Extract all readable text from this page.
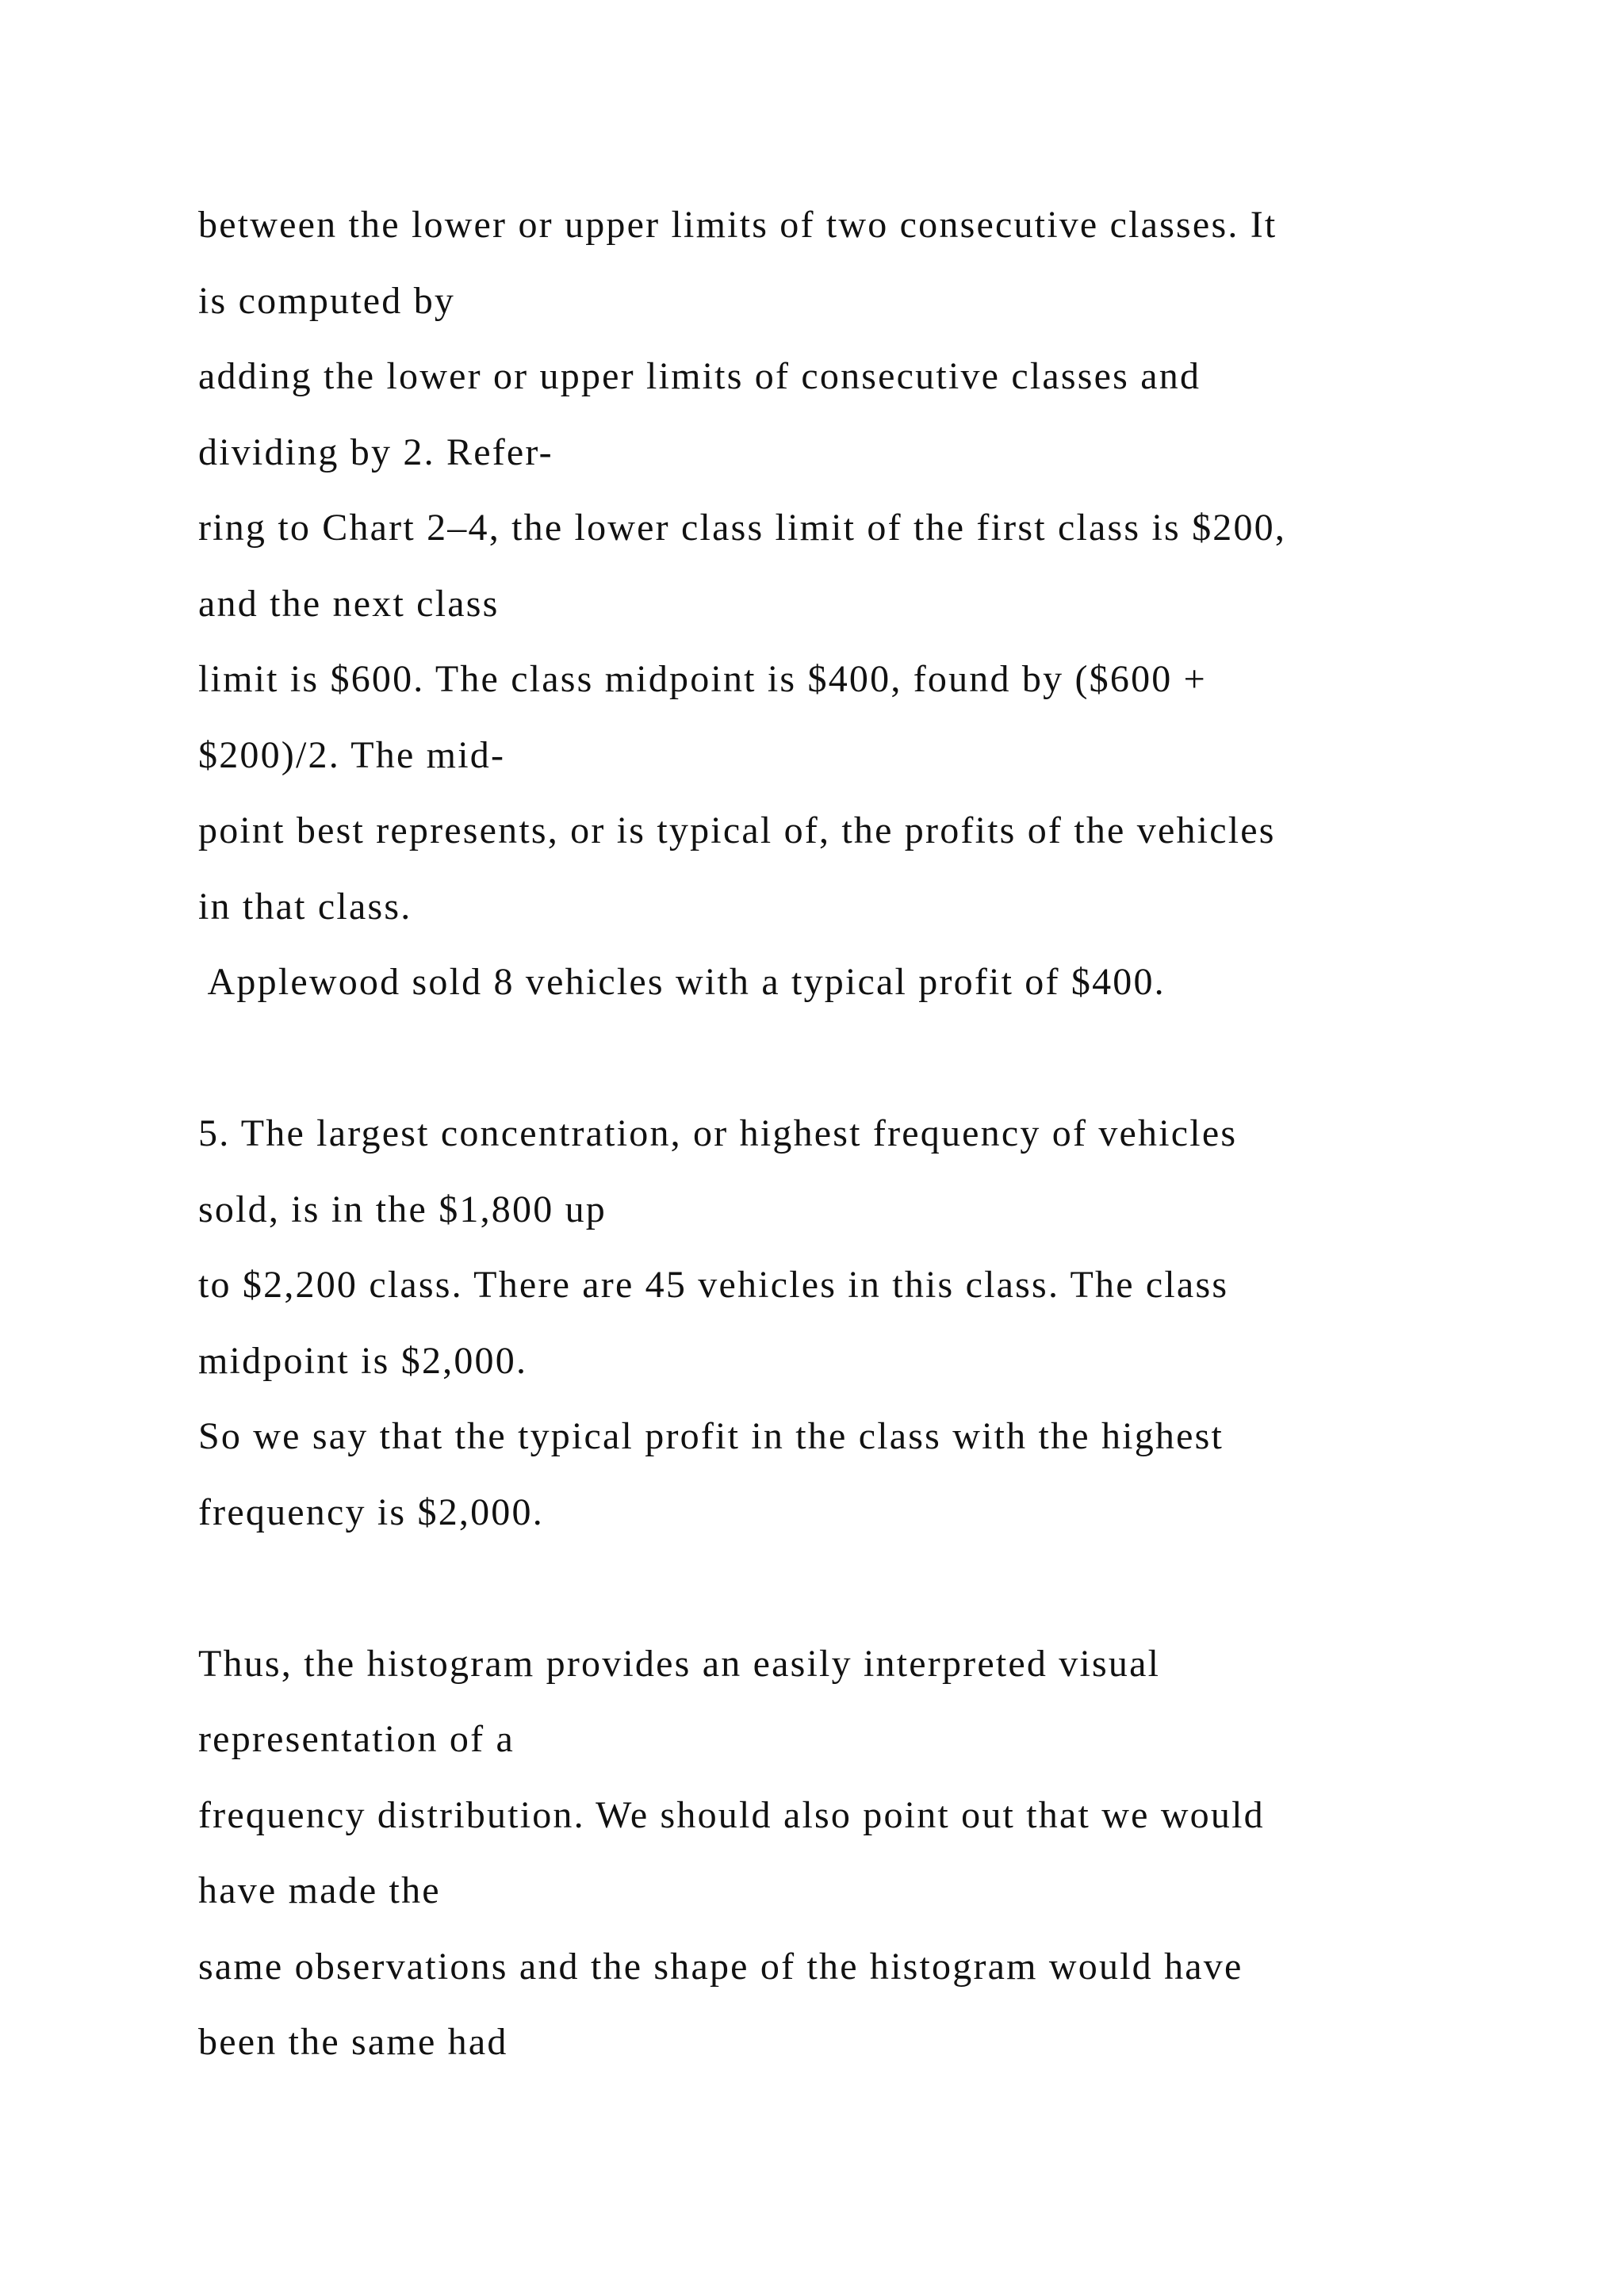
between the lower or upper limits of two consecutive classes. It
is computed by
adding the lower or upper limits of consecutive classes and
dividing by 2. Refer-
ring to Chart 2–4, the lower class limit of the first class is $200,
and the next class
limit is $600. The class midpoint is $400, found by ($600 +
$200)/2. The mid-
point best represents, or is typical of, the profits of the vehicles
in that class.
Applewood sold 8 vehicles with a typical profit of $400.
5. The largest concentration, or highest frequency of vehicles
sold, is in the $1,800 up
to $2,200 class. There are 45 vehicles in this class. The class
midpoint is $2,000.
So we say that the typical profit in the class with the highest
frequency is $2,000.
Thus, the histogram provides an easily interpreted visual
representation of a
frequency distribution. We should also point out that we would
have made the
same observations and the shape of the histogram would have
been the same had
